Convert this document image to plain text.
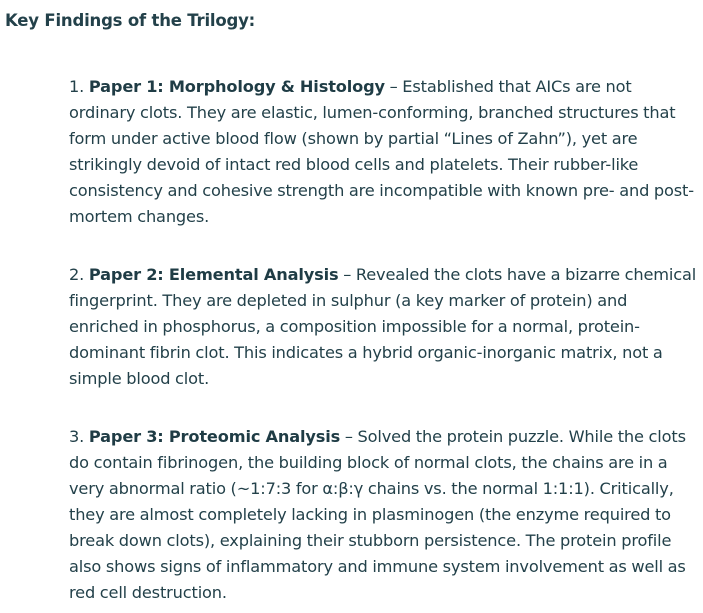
Key Findings of the Trilogy:
1. Paper 1: Morphology & Histology – Established that AICs are not ordinary clots. They are elastic, lumen-conforming, branched structures that form under active blood flow (shown by partial “Lines of Zahn”), yet are strikingly devoid of intact red blood cells and platelets. Their rubber-like consistency and cohesive strength are incompatible with known pre- and post-mortem changes.
2. Paper 2: Elemental Analysis – Revealed the clots have a bizarre chemical fingerprint. They are depleted in sulphur (a key marker of protein) and enriched in phosphorus, a composition impossible for a normal, protein-dominant fibrin clot. This indicates a hybrid organic-inorganic matrix, not a simple blood clot.
3. Paper 3: Proteomic Analysis – Solved the protein puzzle. While the clots do contain fibrinogen, the building block of normal clots, the chains are in a very abnormal ratio (~1:7:3 for α:β:γ chains vs. the normal 1:1:1). Critically, they are almost completely lacking in plasminogen (the enzyme required to break down clots), explaining their stubborn persistence. The protein profile also shows signs of inflammatory and immune system involvement as well as red cell destruction.
